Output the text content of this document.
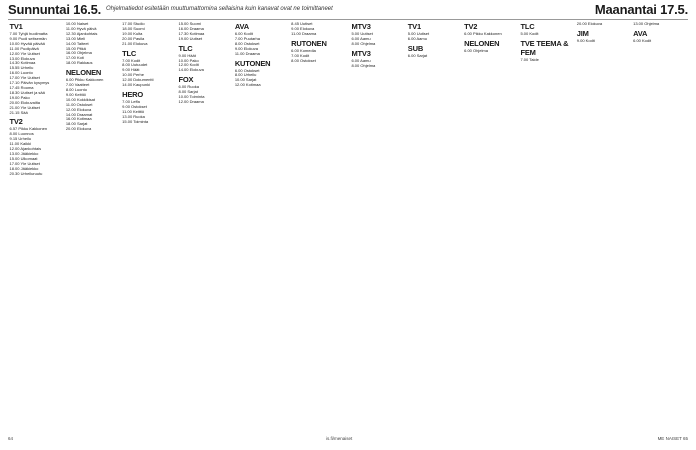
Sunnuntai 16.5. Ohjelmatiedot esitetään muuttumattomina sellaisina kuin kanavat ovat ne toimittaneet	Maanantai 17.5.
TV1

7.00 Tyhjä huolimatta

9.00 Puoli seitsemän

10.00 Hyvää päivää

11.00 Puolipäivä

12.00 Yle Uutiset

13.00 Elokuva

14.30 Kotimaa

15.55 Urheilu

16.00 Luonto

17.00 Yle Uutiset

17.10 Päivän kysymys

17.45 Rooma

18.30 Uutiset ja sää

19.00 Pako

20.00 Elokuvailta

21.00 Yle Uutiset

21.15 Sää

TV2

6.57 Pikku Kakkonen

8.00 Luonnos

9.15 Urheilu

11.00 Kaikki

12.00 Ajankohtais

13.00 Jääkiekko

15.00 Ulkomaat

17.00 Yle Uutiset

18.00 Jääkiekko

20.30 Urheiluruutu

10.00 Naiset

11.00 Hyvä päivä

12.30 Ajankohtais

13.00 Mieli

14.00 Taiteet

15.00 Pitkä

16.00 Ohjelma

17.00 Koti

18.00 Rakkaus

NELONEN

6.00 Pikku Kakkonen

7.00 Vaatteet

8.00 Luonto

9.00 Keittiö

10.00 Kokkikisat

11.00 Ostokset

12.00 Elokuva

14.00 Draamat

16.00 Kotimaa

18.00 Sarjat

20.00 Elokuva

17.00 Studio

18.00 Suomi

19.00 Kulta

20.00 Pasila

21.00 Elokuva

TLC

7.00 Kodit

8.00 Uutuudet

9.00 Häät

10.00 Perhe

12.00 Dokumentti

14.00 Kaupunki

HERO

7.00 Leffa

9.00 Ostokset

11.00 Keittiö

13.00 Ruoka

15.00 Toiminta

15.00 Suomi

16.00 Draama

17.30 Kotimaa

19.00 Uutiset

TLC

9.00 Häät

10.00 Pako

12.00 Kodit

14.00 Elokuva

FOX

6.00 Ruoka

8.00 Sarjat

10.00 Toiminta

12.00 Draama

AVA

6.00 Kodit

7.00 Puutarha

8.00 Ostokset

9.00 Elokuva

11.00 Draama

KUTONEN

6.00 Ostokset

8.00 Urheilu

10.00 Sarjat

12.00 Kotimaa

8.45 Uutiset

9.00 Elokuva

11.00 Draama

RUTONEN

6.00 Komedia

7.00 Kodit

8.00 Ostokset

MTV3

5.00 Uutiset

6.00 Aamu

8.00 Ohjelma

MTV3

6.00 Aamu

8.00 Ohjelma

TV1

5.00 Uutiset

6.00 Aamu

SUB

6.00 Sarjat

TV2

6.00 Pikku Kakkonen

NELONEN

6.00 Ohjelma

TLC

5.00 Kodit

TVE TEEMA & FEM

7.00 Taide

20.00 Elokuva

JIM

9.00 Kodit

13.00 Ohjelma

AVA

6.00 Kodit

64	is.fi/menaiset	ME NAISET 65
